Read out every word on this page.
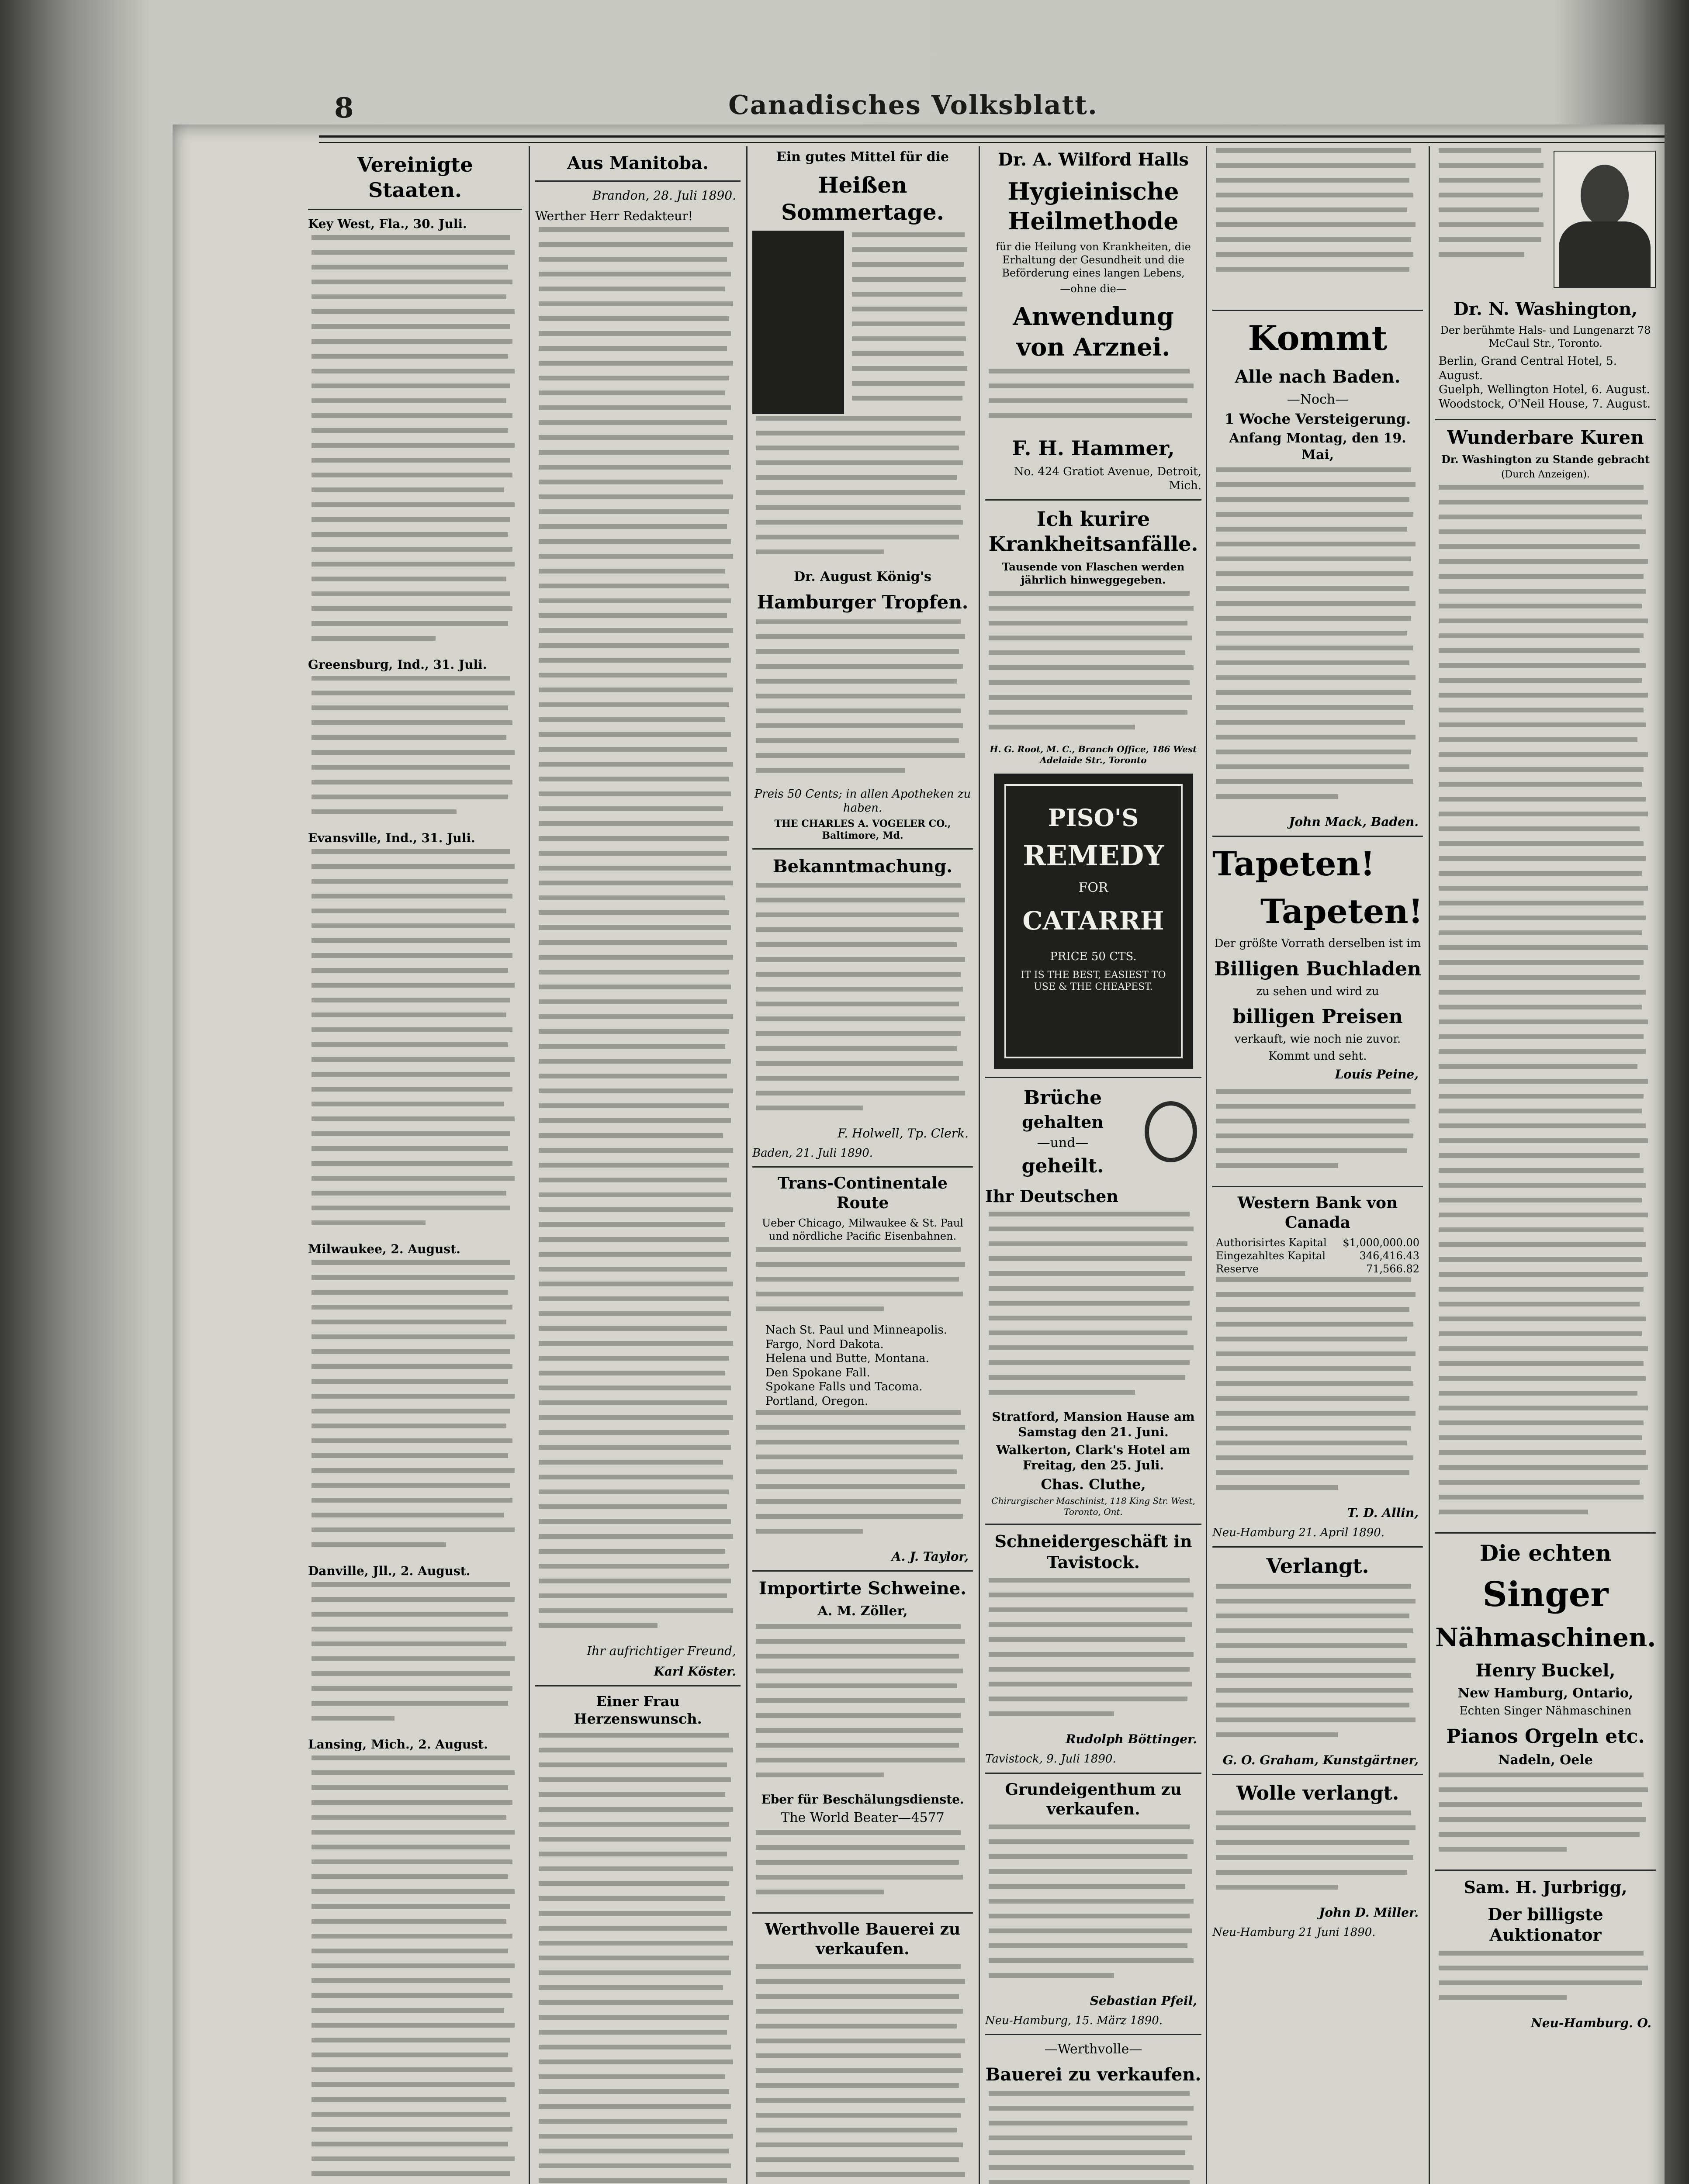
8	Canadisches Volksblatt.
Vereinigte Staaten.
Key West, Fla., 30. Juli.
Greensburg, Ind., 31. Juli.
Evansville, Ind., 31. Juli.
Milwaukee, 2. August.
Danville, Jll., 2. August.
Lansing, Mich., 2. August.
Aus Manitoba.
Brandon, 28. Juli 1890.
Werther Herr Redakteur!
Ihr aufrichtiger Freund,
Karl Köster.
Einer Frau Herzenswunsch.
Ein gutes Mittel für die
Heißen Sommertage.
Dr. August König's
Hamburger Tropfen.
Preis 50 Cents; in allen Apotheken zu haben.
THE CHARLES A. VOGELER CO., Baltimore, Md.
Bekanntmachung.
F. Holwell, Tp. Clerk.
Baden, 21. Juli 1890.
Trans-Continentale Route
Ueber Chicago, Milwaukee & St. Paul und nördliche Pacific Eisenbahnen.
Nach St. Paul und Minneapolis.
Fargo, Nord Dakota.
Helena und Butte, Montana.
Den Spokane Fall.
Spokane Falls und Tacoma.
Portland, Oregon.
A. J. Taylor,
Importirte Schweine.
A. M. Zöller,
Eber für Beschälungsdienste.
The World Beater—4577
Werthvolle Bauerei zu verkaufen.
Dr. A. Wilford Halls
Hygieinische Heilmethode
für die Heilung von Krankheiten, die Erhaltung der Gesundheit und die Beförderung eines langen Lebens,
—ohne die—
Anwendung von Arznei.
F. H. Hammer,
No. 424 Gratiot Avenue, Detroit, Mich.
Ich kurire Krankheitsanfälle.
Tausende von Flaschen werden jährlich hinweggegeben.
H. G. Root, M. C., Branch Office, 186 West Adelaide Str., Toronto
PISO'S
REMEDY
FOR
CATARRH
PRICE 50 CTS.
IT IS THE BEST, EASIEST TO USE & THE CHEAPEST.
Brüche
gehalten
—und—
geheilt.
Ihr Deutschen
Stratford, Mansion Hause am Samstag den 21. Juni.
Walkerton, Clark's Hotel am Freitag, den 25. Juli.
Chas. Cluthe,
Chirurgischer Maschinist, 118 King Str. West, Toronto, Ont.
Schneidergeschäft in Tavistock.
Rudolph Böttinger.
Tavistock, 9. Juli 1890.
Grundeigenthum zu verkaufen.
Sebastian Pfeil,
Neu-Hamburg, 15. März 1890.
—Werthvolle—
Bauerei zu verkaufen.
Kommt
Alle nach Baden.
—Noch—
1 Woche Versteigerung.
Anfang Montag, den 19. Mai,
John Mack, Baden.
Tapeten!
Tapeten!
Der größte Vorrath derselben ist im
Billigen Buchladen
zu sehen und wird zu
billigen Preisen
verkauft, wie noch nie zuvor.
Kommt und seht.
Louis Peine,
Western Bank von Canada
Authorisirtes Kapital $1,000,000.00
Eingezahltes Kapital	346,416.43
Reserve	71,566.82
T. D. Allin,
Neu-Hamburg 21. April 1890.
Verlangt.
G. O. Graham, Kunstgärtner,
Wolle verlangt.
John D. Miller.
Neu-Hamburg 21 Juni 1890.
Dr. N. Washington,
Der berühmte Hals- und Lungenarzt 78 McCaul Str., Toronto.
Berlin, Grand Central Hotel, 5. August.
Guelph, Wellington Hotel, 6. August.
Woodstock, O'Neil House, 7. August.
Wunderbare Kuren
Dr. Washington zu Stande gebracht
(Durch Anzeigen).
Die echten
Singer
Nähmaschinen.
Henry Buckel,
New Hamburg, Ontario,
Echten Singer Nähmaschinen
Pianos Orgeln etc.
Nadeln, Oele
Sam. H. Jurbrigg,
Der billigste Auktionator
Neu-Hamburg. O.
